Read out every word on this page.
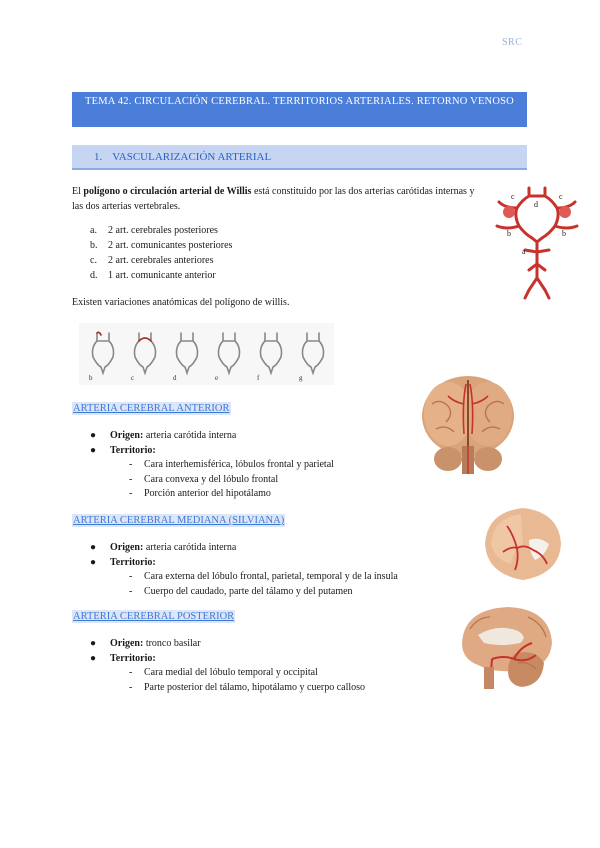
SRC
TEMA 42. CIRCULACIÓN CEREBRAL. TERRITORIOS ARTERIALES. RETORNO VENOSO
1. VASCULARIZACIÓN ARTERIAL
El polígono o circulación arterial de Willis está constituido por las dos arterias carótidas internas y las dos arterias vertebrales.
a.	2 art. cerebrales posteriores
b.	2 art. comunicantes posteriores
c.	2 art. cerebrales anteriores
d.	1 art. comunicante anterior
c
d
c
b	b
a
Existen variaciones anatómicas del polígono de willis.
b	c	d	e	f	g
ARTERIA CEREBRAL ANTERIOR
●	Origen: arteria carótida interna
●	Territorio:
-	Cara interhemisférica, lóbulos frontal y parietal
-	Cara convexa y del lóbulo frontal
-	Porción anterior del hipotálamo
ARTERIA CEREBRAL MEDIANA (SILVIANA)
●	Origen: arteria carótida interna
●	Territorio:
-	Cara externa del lóbulo frontal, parietal, temporal y de la ínsula
-	Cuerpo del caudado, parte del tálamo y del putamen
ARTERIA CEREBRAL POSTERIOR
●	Origen: tronco basilar
●	Territorio:
-	Cara medial del lóbulo temporal y occipital
-	Parte posterior del tálamo, hipotálamo y cuerpo calloso
